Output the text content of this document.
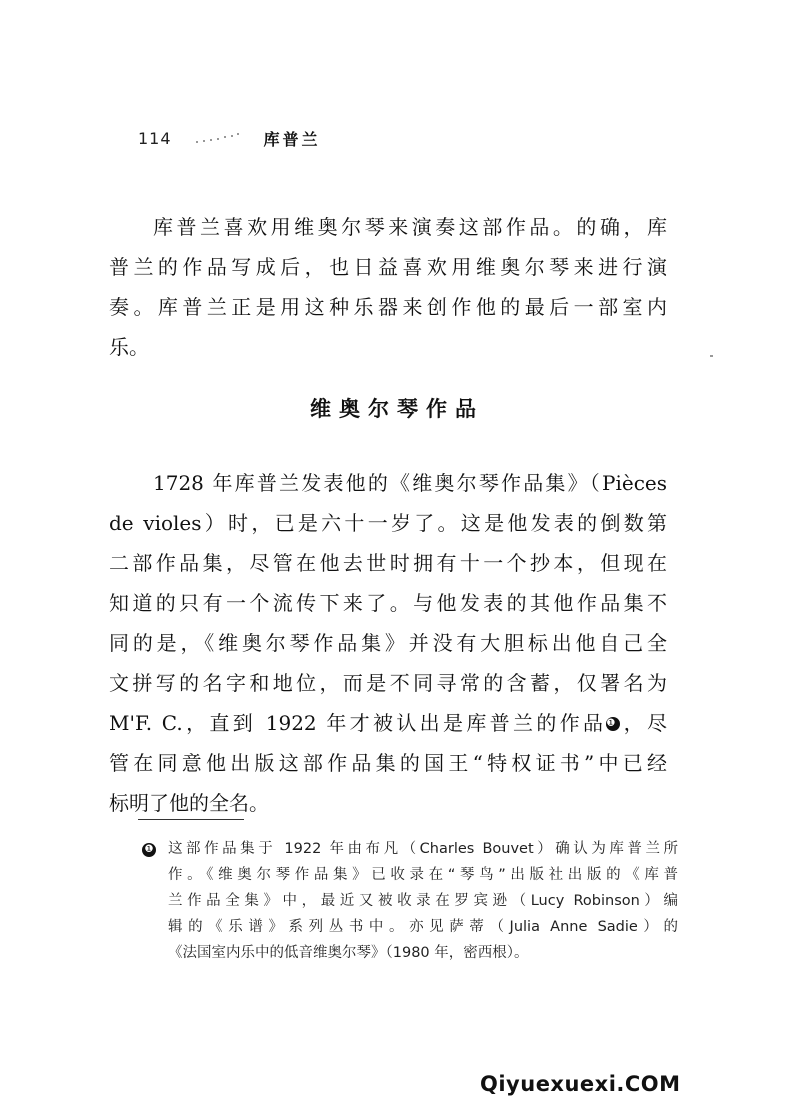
114	库普兰
库普兰喜欢用维奥尔琴来演奏这部作品。的确，库
普兰的作品写成后，也日益喜欢用维奥尔琴来进行演
奏。库普兰正是用这种乐器来创作他的最后一部室内
乐。
维奥尔琴作品
1728 年库普兰发表他的《维奥尔琴作品集》（Pièces
de violes）时，已是六十一岁了。这是他发表的倒数第
二部作品集，尽管在他去世时拥有十一个抄本，但现在
知道的只有一个流传下来了。与他发表的其他作品集不
同的是，《维奥尔琴作品集》并没有大胆标出他自己全
文拼写的名字和地位，而是不同寻常的含蓄，仅署名为
M'F. C.，直到 1922 年才被认出是库普兰的作品❶ ，尽
管在同意他出版这部作品集的国王“特权证书”中已经
标明了他的全名。
❶ 这部作品集于 1922 年由布凡（Charles Bouvet）确认为库普兰所
作。《维奥尔琴作品集》已收录在“琴鸟”出版社出版的《库普
兰作品全集》中，最近又被收录在罗宾逊（Lucy Robinson）编
辑的《乐谱》系列丛书中。亦见萨蒂（Julia Anne Sadie）的
《法国室内乐中的低音维奥尔琴》（1980 年，密西根）。
Qiyuexuexi.COM
